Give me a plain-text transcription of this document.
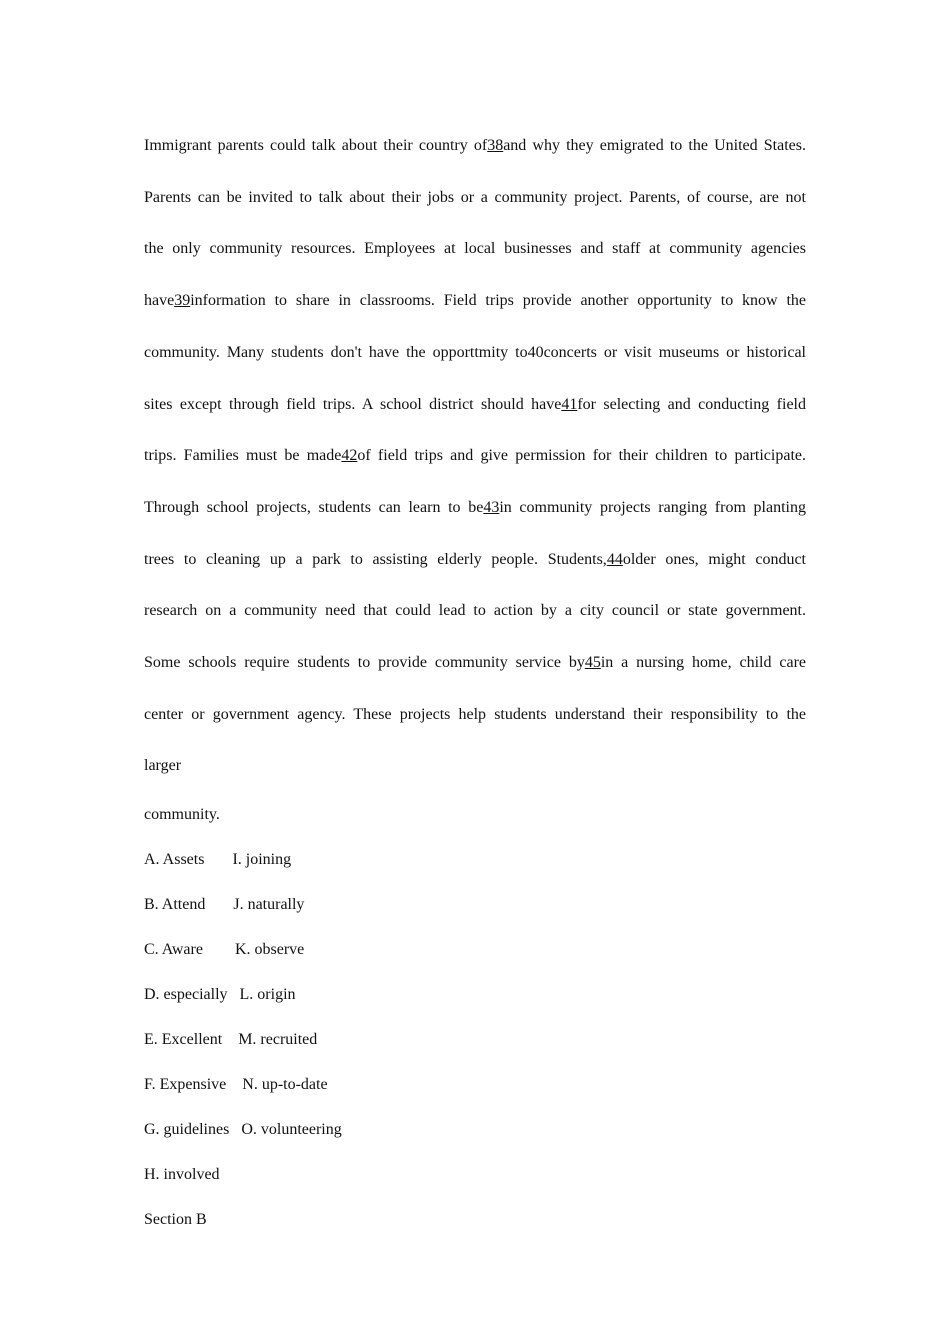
Immigrant parents could talk about their country of38and why they emigrated to the United States.

Parents can be invited to talk about their jobs or a community project. Parents, of course, are not

the only community resources. Employees at local businesses and staff at community agencies

have39information to share in classrooms. Field trips provide another opportunity to know the

community. Many students don't have the opporttmity to40concerts or visit museums or historical

sites except through field trips. A school district should have41for selecting and conducting field

trips. Families must be made42of field trips and give permission for their children to participate.

Through school projects, students can learn to be43in community projects ranging from planting

trees to cleaning up a park to assisting elderly people. Students,44older ones, might conduct

research on a community need that could lead to action by a city council or state government.

Some schools require students to provide community service by45in a nursing home, child care

center or government agency. These projects help students understand their responsibility to the

larger

community.

A. Assets       I. joining

B. Attend       J. naturally

C. Aware        K. observe

D. especially   L. origin

E. Excellent    M. recruited

F. Expensive    N. up-to-date

G. guidelines   O. volunteering

H. involved

Section B
